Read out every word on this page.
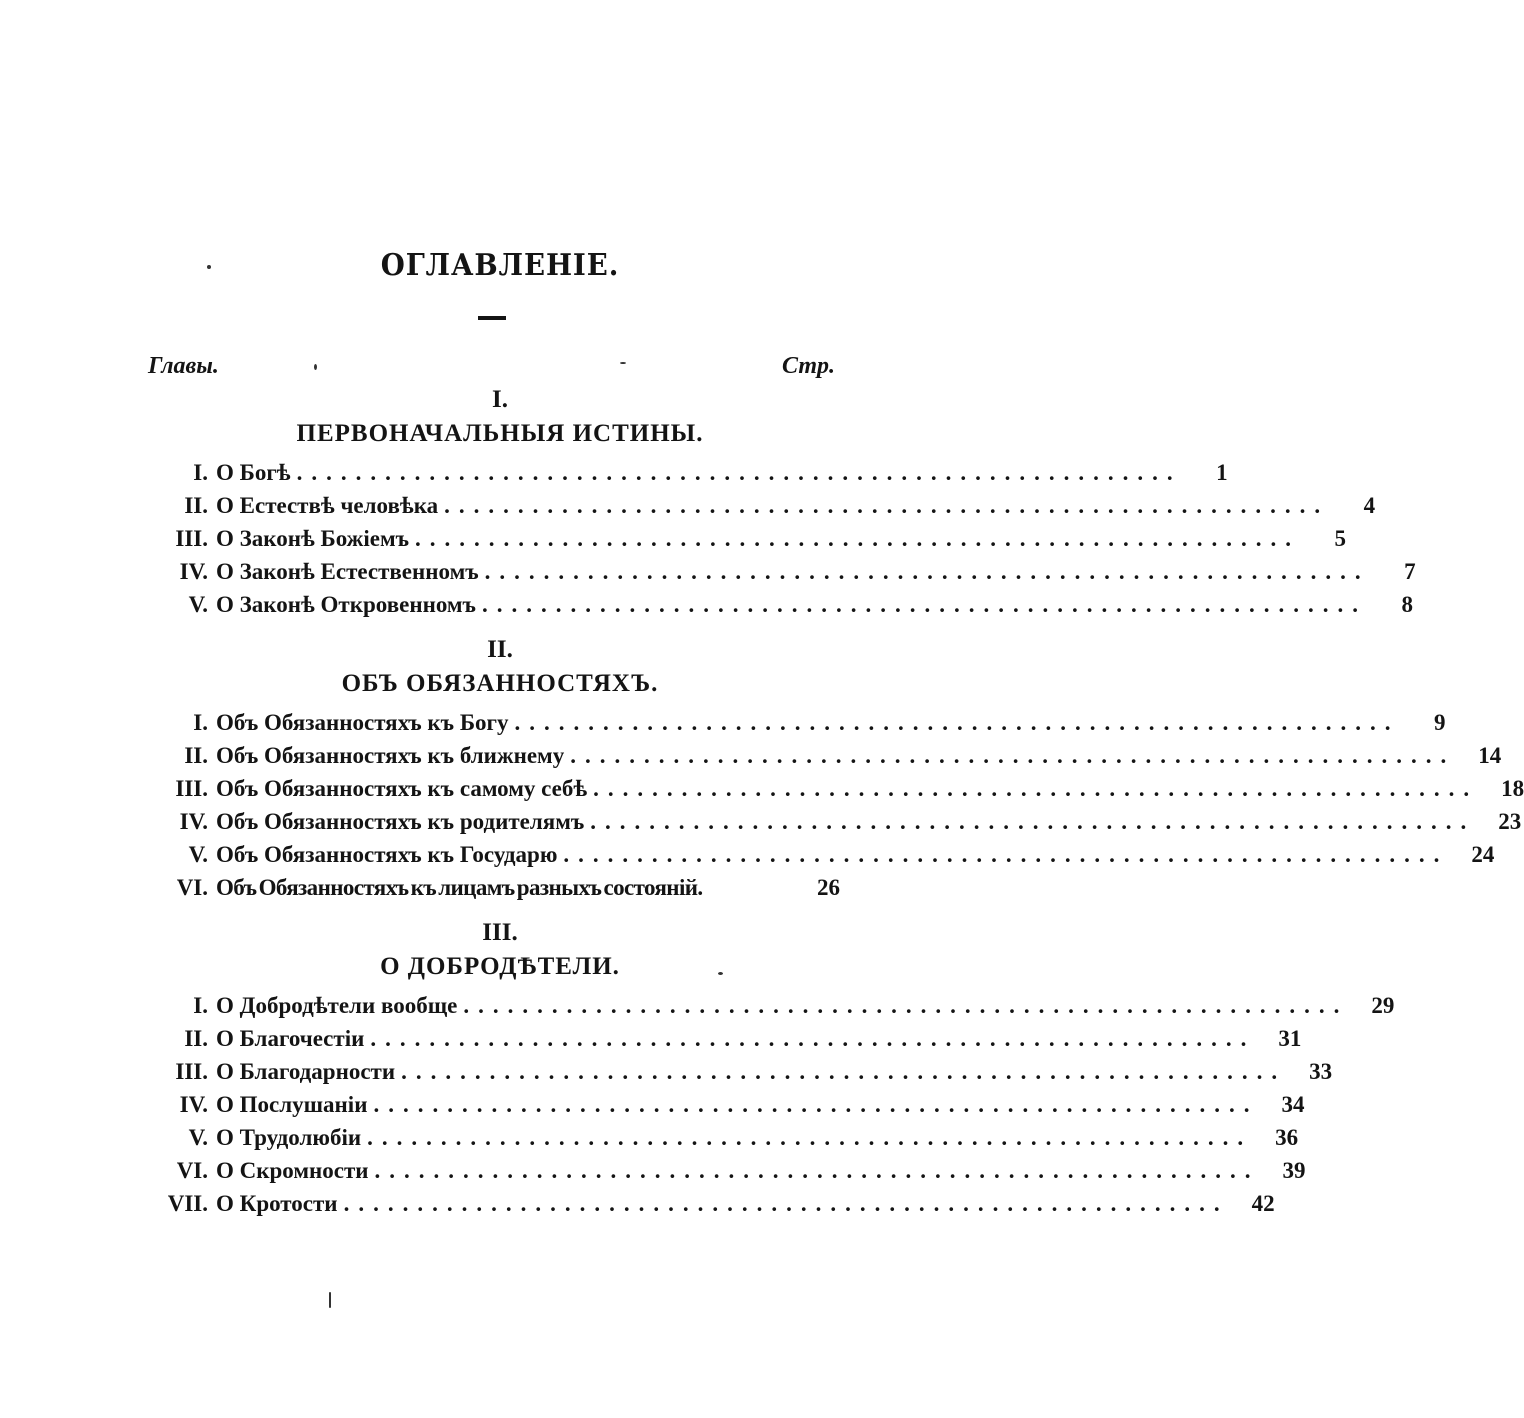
ОГЛАВЛЕНІЕ.
Главы.	Стр.
I.
ПЕРВОНАЧАЛЬНЫЯ ИСТИНЫ.
I. О Богѣ ............................................................	1
II. О Естествѣ человѣка ............................................................	4
III. О Законѣ Божіемъ ............................................................	5
IV. О Законѣ Естественномъ ............................................................	7
V. О Законѣ Откровенномъ ............................................................	8
II.
ОБЪ ОБЯЗАННОСТЯХЪ.
I. Объ Обязанностяхъ къ Богу ............................................................	9
II. Объ Обязанностяхъ къ ближнему ............................................................	14
III. Объ Обязанностяхъ къ самому себѣ ............................................................	18
IV. Объ Обязанностяхъ къ родителямъ ............................................................	23
V. Объ Обязанностяхъ къ Государю ............................................................	24
VI. Объ Обязанностяхъ къ лицамъ разныхъ состояній.	26
III.
О ДОБРОДѢТЕЛИ.
I. О Добродѣтели вообще ............................................................	29
II. О Благочестіи ............................................................	31
III. О Благодарности ............................................................	33
IV. О Послушаніи ............................................................	34
V. О Трудолюбіи ............................................................	36
VI. О Скромности ............................................................	39
VII. О Кротости ............................................................	42
